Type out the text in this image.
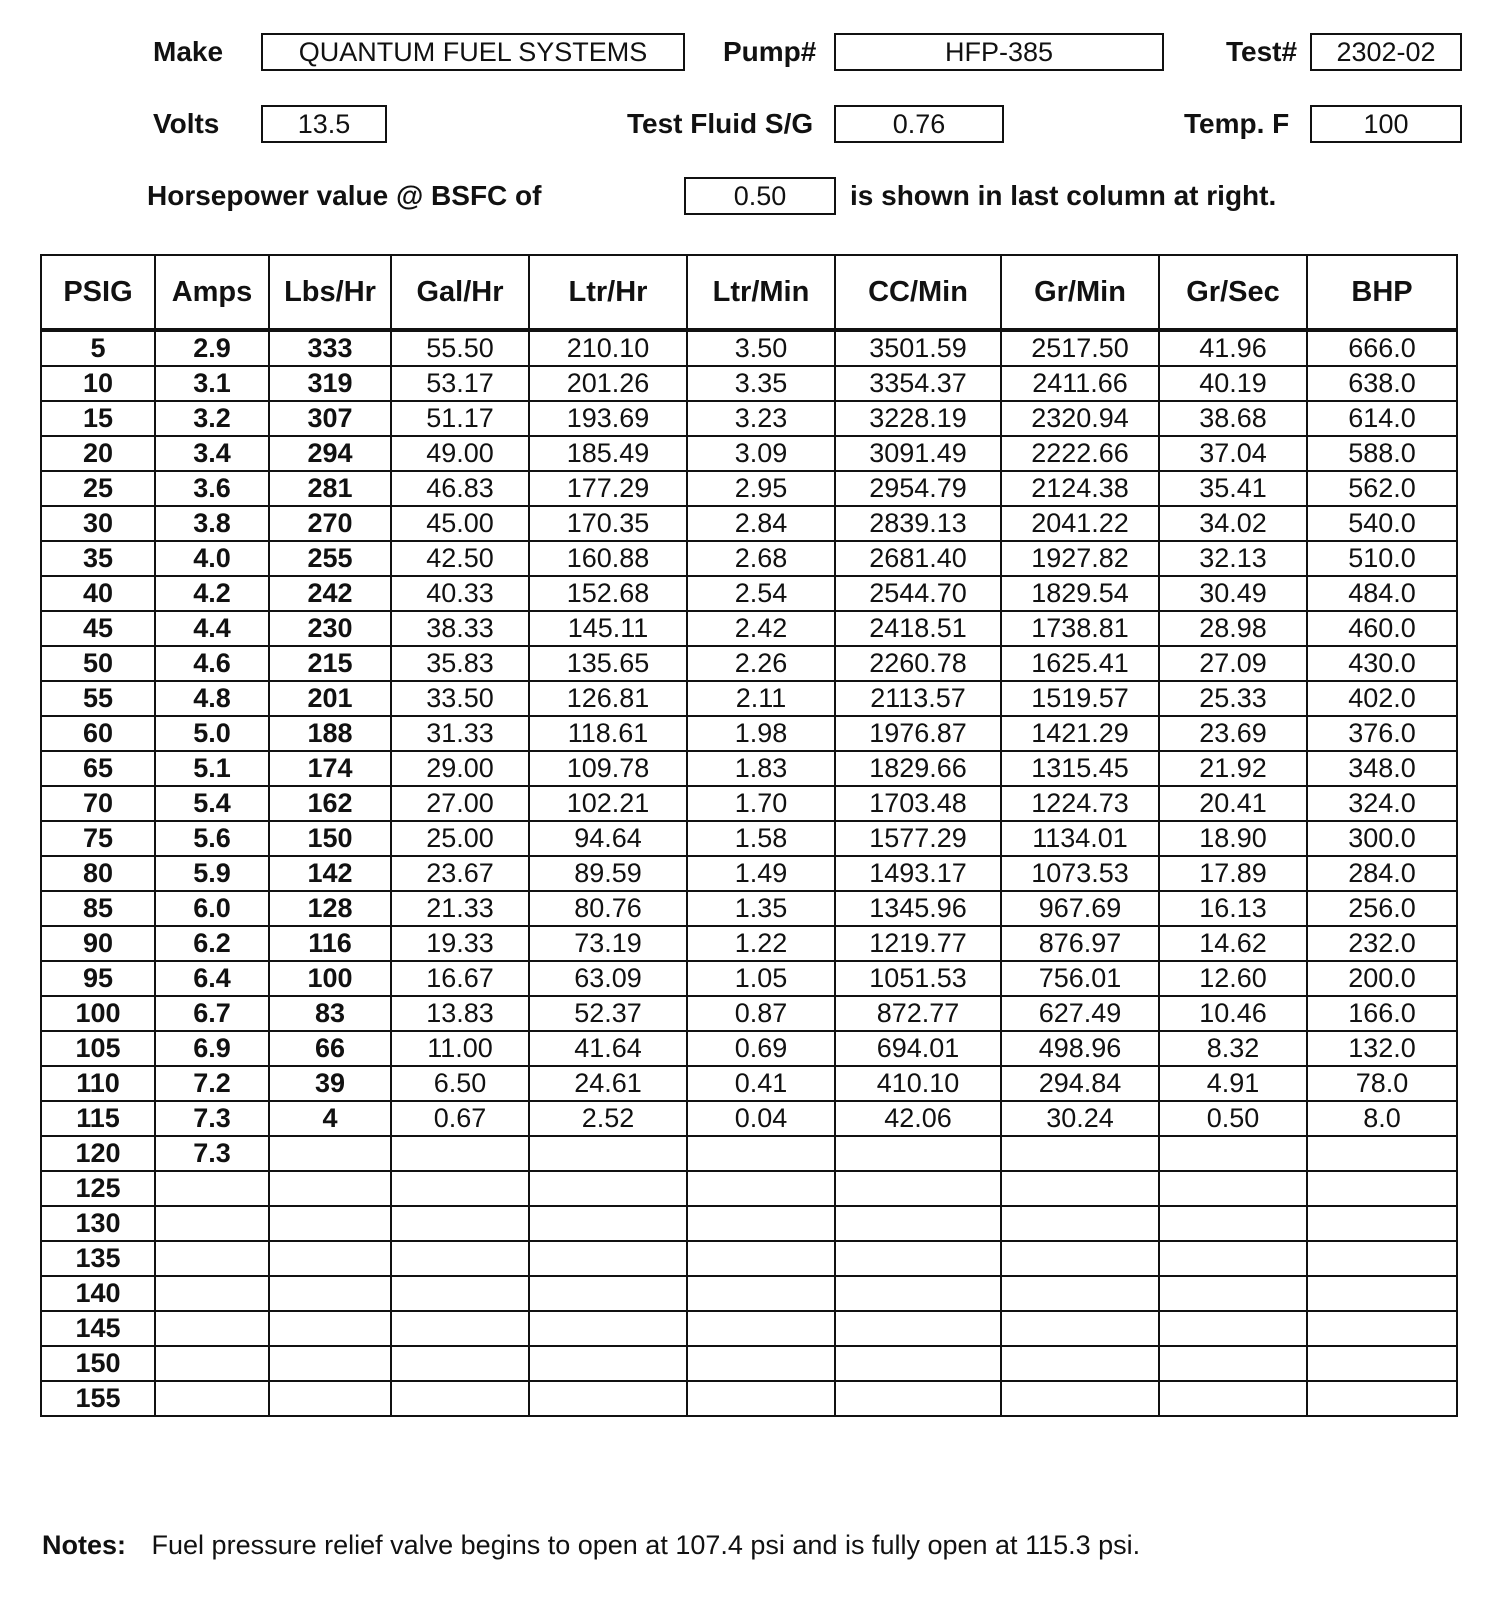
Make	QUANTUM FUEL SYSTEMS	Pump#	HFP-385	Test#	2302-02
Volts	13.5	Test Fluid S/G	0.76	Temp. F	100
Horsepower value @ BSFC of	0.50	is shown in last column at right.
PSIG	Amps	Lbs/Hr	Gal/Hr	Ltr/Hr	Ltr/Min	CC/Min	Gr/Min	Gr/Sec	BHP
5	2.9	333	55.50	210.10	3.50	3501.59	2517.50	41.96	666.0
10	3.1	319	53.17	201.26	3.35	3354.37	2411.66	40.19	638.0
15	3.2	307	51.17	193.69	3.23	3228.19	2320.94	38.68	614.0
20	3.4	294	49.00	185.49	3.09	3091.49	2222.66	37.04	588.0
25	3.6	281	46.83	177.29	2.95	2954.79	2124.38	35.41	562.0
30	3.8	270	45.00	170.35	2.84	2839.13	2041.22	34.02	540.0
35	4.0	255	42.50	160.88	2.68	2681.40	1927.82	32.13	510.0
40	4.2	242	40.33	152.68	2.54	2544.70	1829.54	30.49	484.0
45	4.4	230	38.33	145.11	2.42	2418.51	1738.81	28.98	460.0
50	4.6	215	35.83	135.65	2.26	2260.78	1625.41	27.09	430.0
55	4.8	201	33.50	126.81	2.11	2113.57	1519.57	25.33	402.0
60	5.0	188	31.33	118.61	1.98	1976.87	1421.29	23.69	376.0
65	5.1	174	29.00	109.78	1.83	1829.66	1315.45	21.92	348.0
70	5.4	162	27.00	102.21	1.70	1703.48	1224.73	20.41	324.0
75	5.6	150	25.00	94.64	1.58	1577.29	1134.01	18.90	300.0
80	5.9	142	23.67	89.59	1.49	1493.17	1073.53	17.89	284.0
85	6.0	128	21.33	80.76	1.35	1345.96	967.69	16.13	256.0
90	6.2	116	19.33	73.19	1.22	1219.77	876.97	14.62	232.0
95	6.4	100	16.67	63.09	1.05	1051.53	756.01	12.60	200.0
100	6.7	83	13.83	52.37	0.87	872.77	627.49	10.46	166.0
105	6.9	66	11.00	41.64	0.69	694.01	498.96	8.32	132.0
110	7.2	39	6.50	24.61	0.41	410.10	294.84	4.91	78.0
115	7.3	4	0.67	2.52	0.04	42.06	30.24	0.50	8.0
120	7.3								
125									
130									
135									
140									
145									
150									
155									
Notes: Fuel pressure relief valve begins to open at 107.4 psi and is fully open at 115.3 psi.
